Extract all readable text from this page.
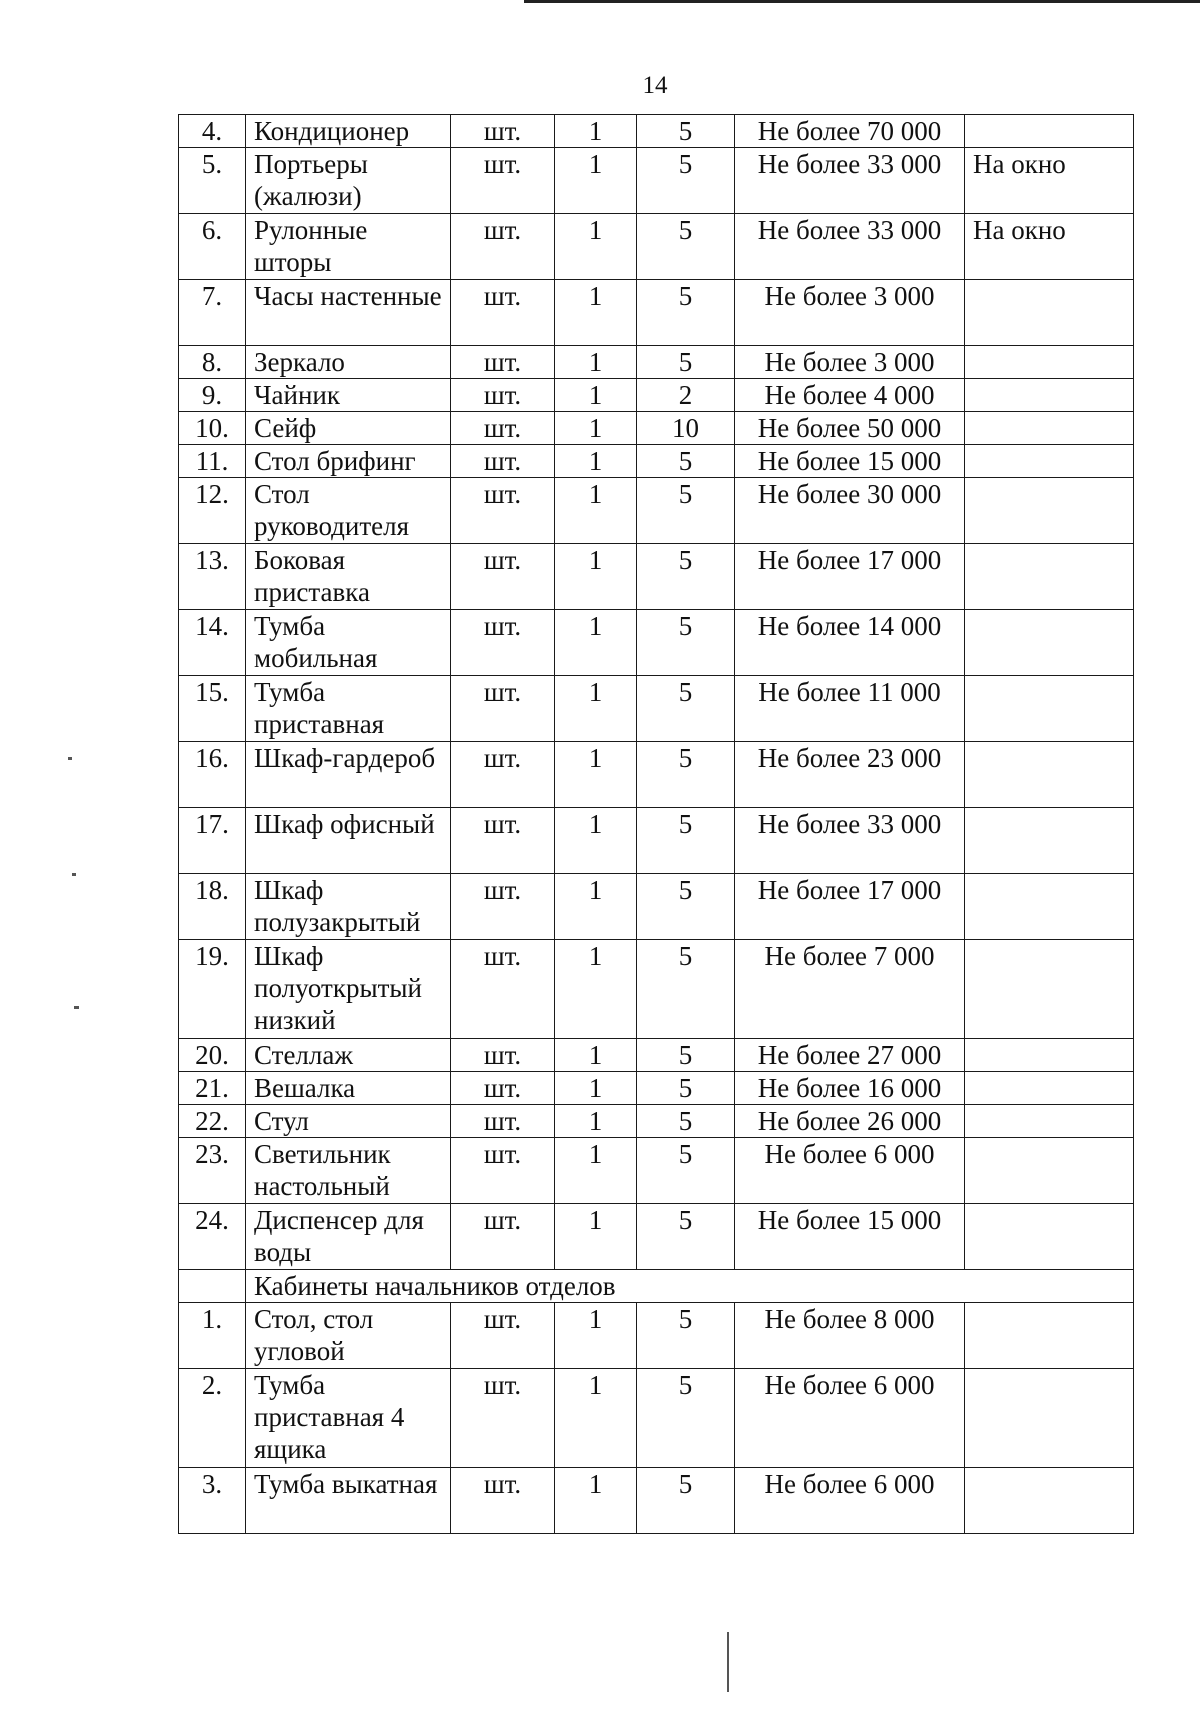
14
4.	Кондиционер	шт.	1	5	Не более 70 000	
5.	Портьеры (жалюзи)	шт.	1	5	Не более 33 000	На окно
6.	Рулонные шторы	шт.	1	5	Не более 33 000	На окно
7.	Часы настенные	шт.	1	5	Не более 3 000	
8.	Зеркало	шт.	1	5	Не более 3 000	
9.	Чайник	шт.	1	2	Не более 4 000	
10.	Сейф	шт.	1	10	Не более 50 000	
11.	Стол брифинг	шт.	1	5	Не более 15 000	
12.	Стол руководителя	шт.	1	5	Не более 30 000	
13.	Боковая приставка	шт.	1	5	Не более 17 000	
14.	Тумба мобильная	шт.	1	5	Не более 14 000	
15.	Тумба приставная	шт.	1	5	Не более 11 000	
16.	Шкаф-гардероб	шт.	1	5	Не более 23 000	
17.	Шкаф офисный	шт.	1	5	Не более 33 000	
18.	Шкаф полузакрытый	шт.	1	5	Не более 17 000	
19.	Шкаф полуоткрытый низкий	шт.	1	5	Не более 7 000	
20.	Стеллаж	шт.	1	5	Не более 27 000	
21.	Вешалка	шт.	1	5	Не более 16 000	
22.	Стул	шт.	1	5	Не более 26 000	
23.	Светильник настольный	шт.	1	5	Не более 6 000	
24.	Диспенсер для воды	шт.	1	5	Не более 15 000	
	Кабинеты начальников отделов					
1.	Стол, стол угловой	шт.	1	5	Не более 8 000	
2.	Тумба приставная 4 ящика	шт.	1	5	Не более 6 000	
3.	Тумба выкатная	шт.	1	5	Не более 6 000	
